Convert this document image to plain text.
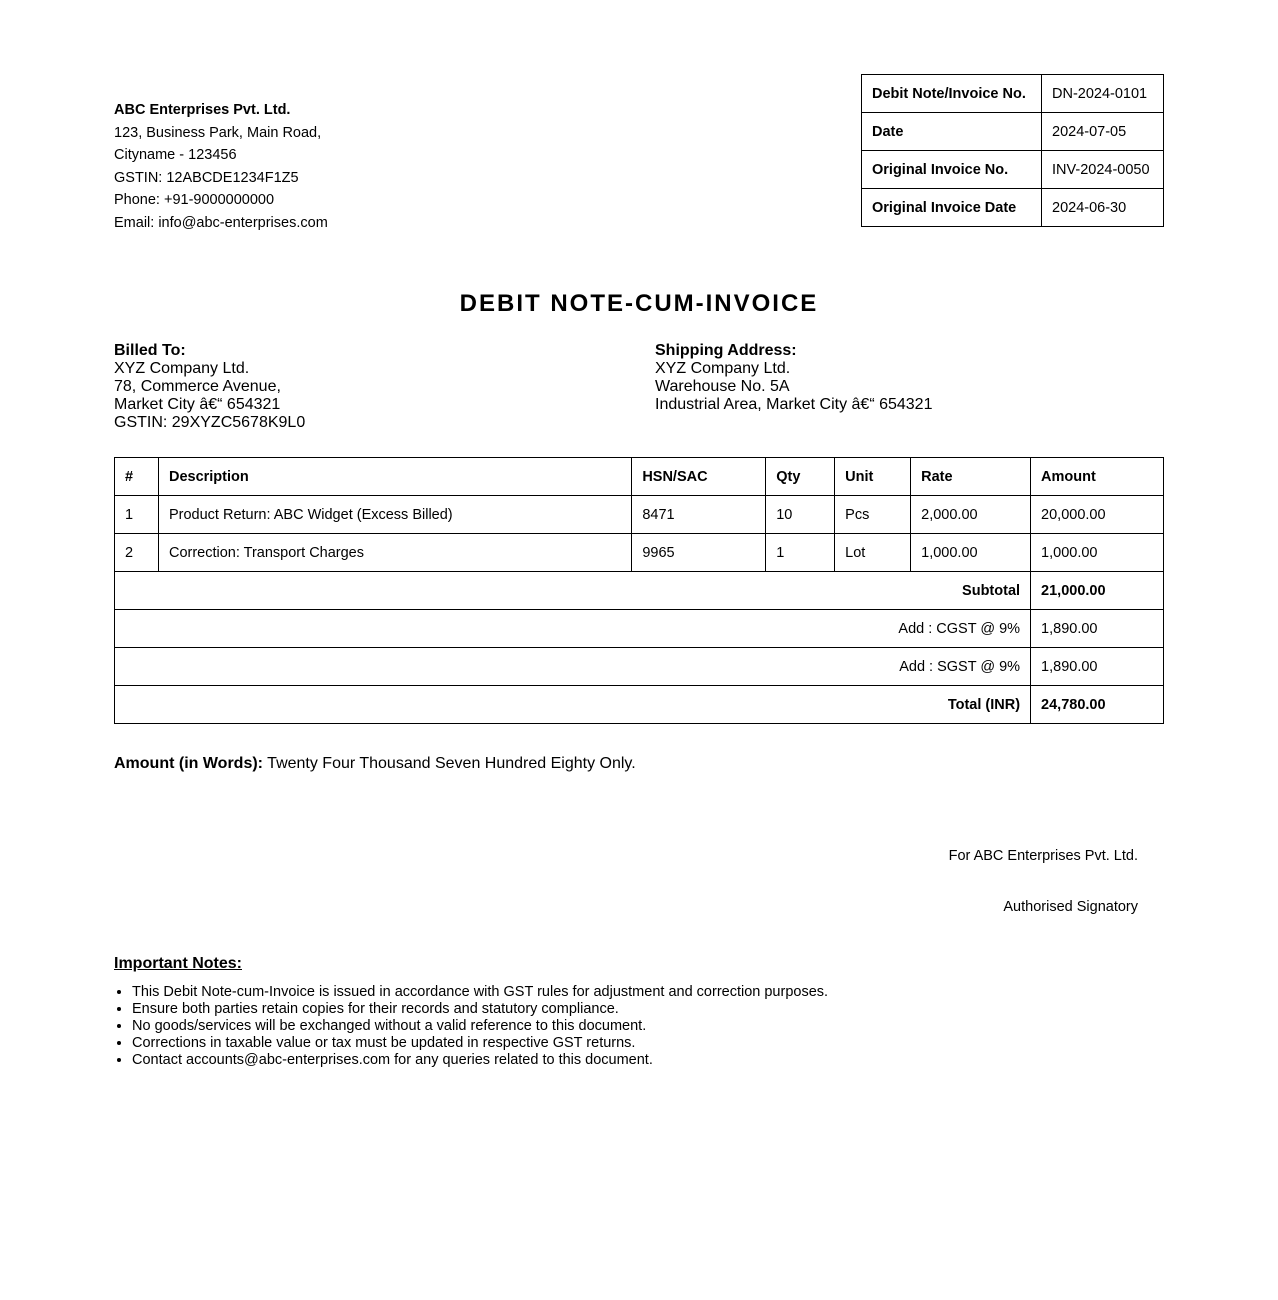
ABC Enterprises Pvt. Ltd.
123, Business Park, Main Road,
Cityname - 123456
GSTIN: 12ABCDE1234F1Z5
Phone: +91-9000000000
Email: info@abc-enterprises.com
Debit Note/Invoice No.	DN-2024-0101
Date	2024-07-05
Original Invoice No.	INV-2024-0050
Original Invoice Date	2024-06-30
DEBIT NOTE-CUM-INVOICE
Billed To:
XYZ Company Ltd.
78, Commerce Avenue,
Market City â€“ 654321
GSTIN: 29XYZC5678K9L0
Shipping Address:
XYZ Company Ltd.
Warehouse No. 5A
Industrial Area, Market City â€“ 654321
#	Description	HSN/SAC	Qty	Unit	Rate	Amount
1	Product Return: ABC Widget (Excess Billed)	8471	10	Pcs	2,000.00	20,000.00
2	Correction: Transport Charges	9965	1	Lot	1,000.00	1,000.00
Subtotal						21,000.00
Add : CGST @ 9%						1,890.00
Add : SGST @ 9%						1,890.00
Total (INR)						24,780.00
Amount (in Words): Twenty Four Thousand Seven Hundred Eighty Only.
For ABC Enterprises Pvt. Ltd.
Authorised Signatory
Important Notes:
• This Debit Note-cum-Invoice is issued in accordance with GST rules for adjustment and correction purposes.
• Ensure both parties retain copies for their records and statutory compliance.
• No goods/services will be exchanged without a valid reference to this document.
• Corrections in taxable value or tax must be updated in respective GST returns.
• Contact accounts@abc-enterprises.com for any queries related to this document.
